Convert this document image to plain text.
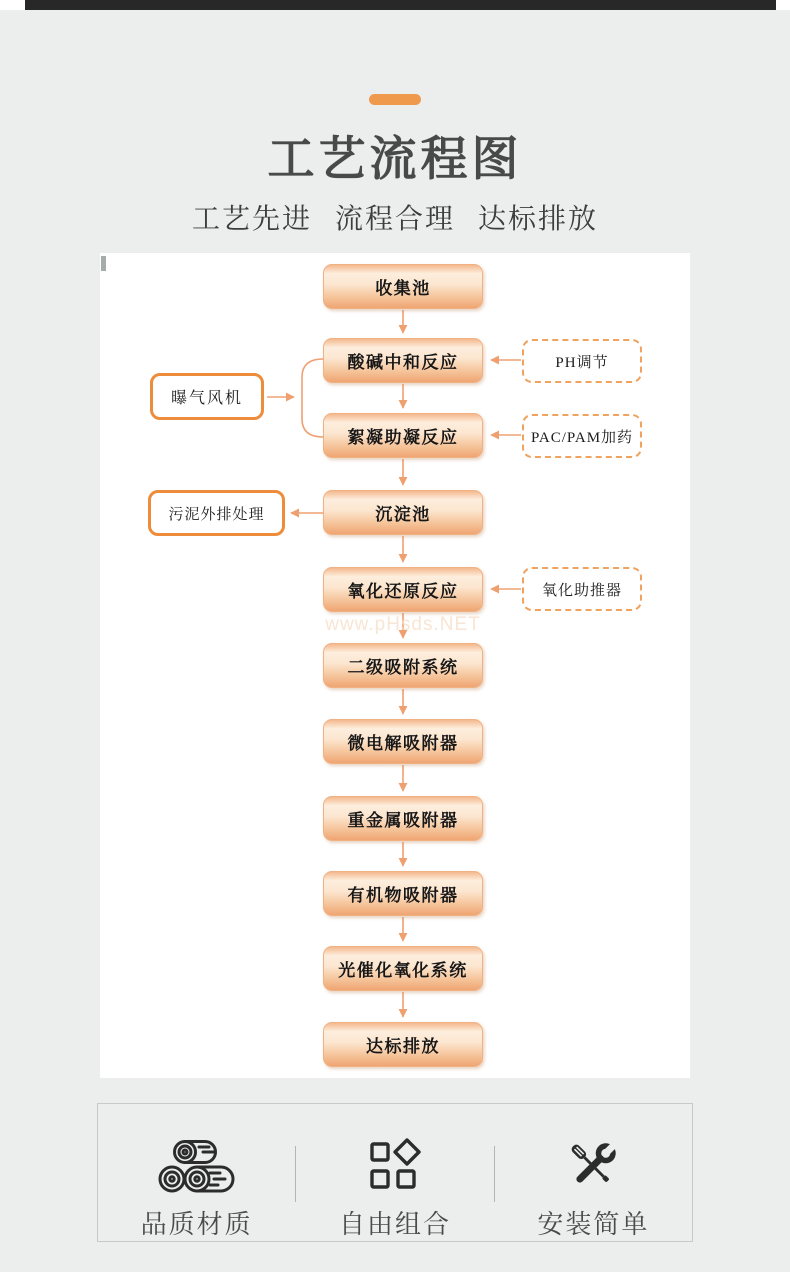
工艺流程图
工艺先进 流程合理 达标排放
收集池
酸碱中和反应
絮凝助凝反应
沉淀池
氧化还原反应
二级吸附系统
微电解吸附器
重金属吸附器
有机物吸附器
光催化氧化系统
达标排放
PH调节
PAC/PAM加药
氧化助推器
曝气风机
污泥外排处理
www.pHsds.NET
品质材质	自由组合	安装简单
